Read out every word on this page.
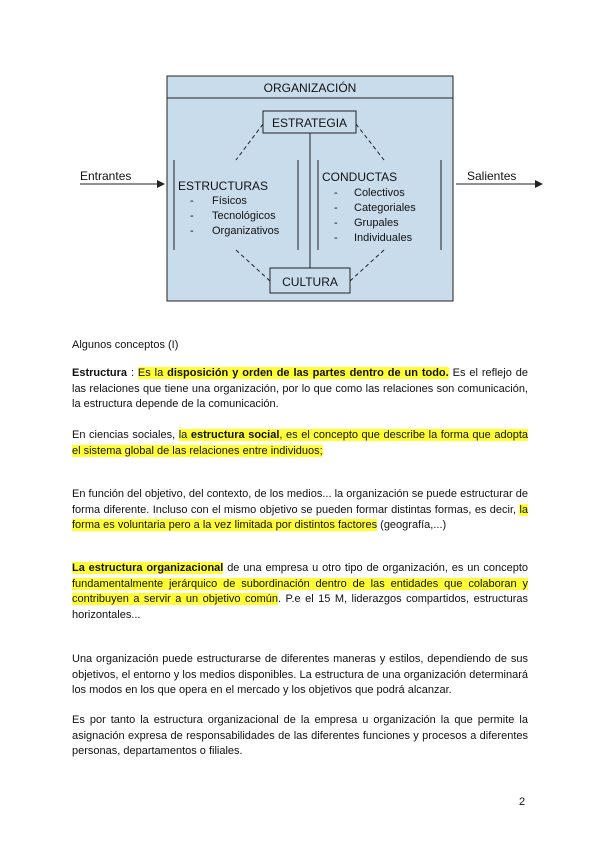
ORGANIZACIÓN
ESTRATEGIA
CULTURA
ESTRUCTURAS
- Físicos
- Tecnológicos
- Organizativos
CONDUCTAS
- Colectivos
- Categoriales
- Grupales
- Individuales
Entrantes	Salientes
Algunos conceptos (I)
Estructura : Es la disposición y orden de las partes dentro de un todo. Es el reflejo de las relaciones que tiene una organización, por lo que como las relaciones son comunicación, la estructura depende de la comunicación.
En ciencias sociales, la estructura social, es el concepto que describe la forma que adopta el sistema global de las relaciones entre individuos;
En función del objetivo, del contexto, de los medios... la organización se puede estructurar de forma diferente. Incluso con el mismo objetivo se pueden formar distintas formas, es decir, la forma es voluntaria pero a la vez limitada por distintos factores (geografía,...)
La estructura organizacional de una empresa u otro tipo de organización, es un concepto fundamentalmente jerárquico de subordinación dentro de las entidades que colaboran y contribuyen a servir a un objetivo común. P.e el 15 M, liderazgos compartidos, estructuras horizontales...
Una organización puede estructurarse de diferentes maneras y estilos, dependiendo de sus objetivos, el entorno y los medios disponibles. La estructura de una organización determinará los modos en los que opera en el mercado y los objetivos que podrá alcanzar.
Es por tanto la estructura organizacional de la empresa u organización la que permite la asignación expresa de responsabilidades de las diferentes funciones y procesos a diferentes personas, departamentos o filiales.
2
